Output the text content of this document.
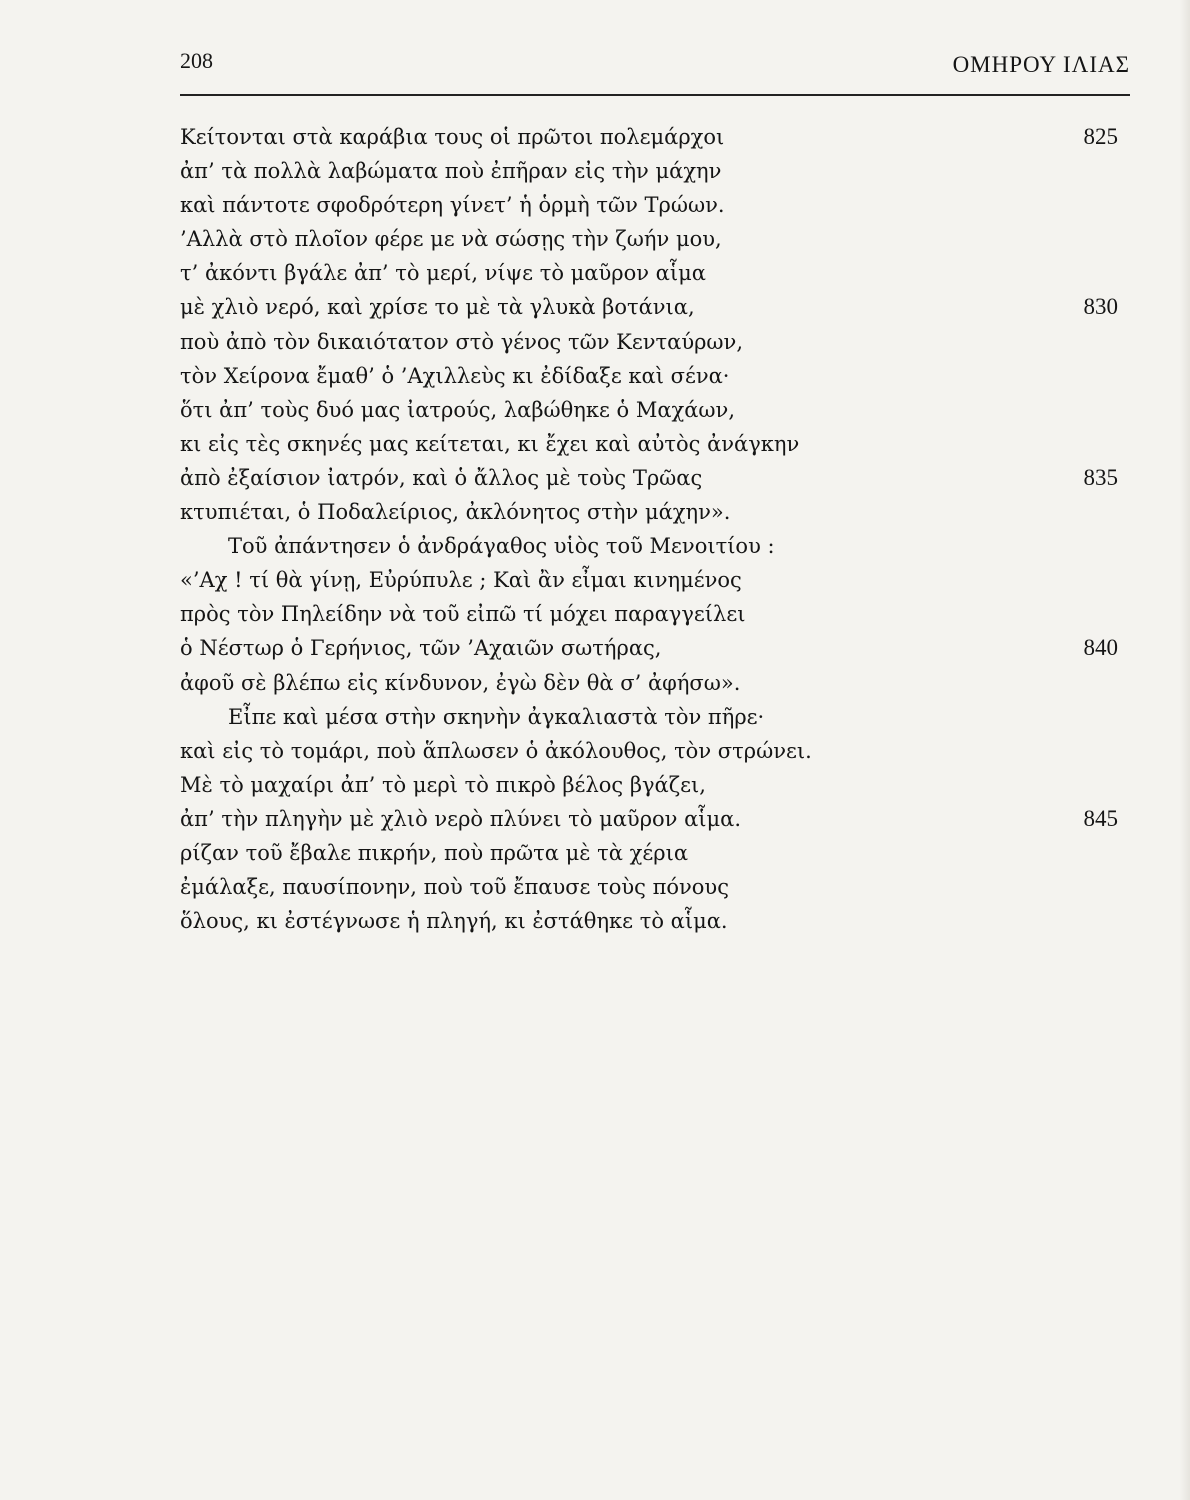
208	ΟΜΗΡΟΥ ΙΛΙΑΣ
Κείτονται στὰ καράβια τους οἱ πρῶτοι πολεμάρχοι	825
ἀπ’ τὰ πολλὰ λαβώματα ποὺ ἐπῆραν εἰς τὴν μάχην
καὶ πάντοτε σφοδρότερη γίνετ’ ἡ ὁρμὴ τῶν Τρώων.
’Αλλὰ στὸ πλοῖον φέρε με νὰ σώσῃς τὴν ζωήν μου,
τ’ ἀκόντι βγάλε ἀπ’ τὸ μερί, νίψε τὸ μαῦρον αἷμα
μὲ χλιὸ νερό, καὶ χρίσε το μὲ τὰ γλυκὰ βοτάνια,	830
ποὺ ἀπὸ τὸν δικαιότατον στὸ γένος τῶν Κενταύρων,
τὸν Χείρονα ἔμαθ’ ὁ ’Αχιλλεὺς κι ἐδίδαξε καὶ σένα·
ὅτι ἀπ’ τοὺς δυό μας ἰατρούς, λαβώθηκε ὁ Μαχάων,
κι εἰς τὲς σκηνές μας κείτεται, κι ἔχει καὶ αὐτὸς ἀνάγκην
ἀπὸ ἐξαίσιον ἰατρόν, καὶ ὁ ἄλλος μὲ τοὺς Τρῶας	835
κτυπιέται, ὁ Ποδαλείριος, ἀκλόνητος στὴν μάχην».
Τοῦ ἀπάντησεν ὁ ἀνδράγαθος υἱὸς τοῦ Μενοιτίου :
«’Αχ ! τί θὰ γίνῃ, Εὐρύπυλε ; Καὶ ἂν εἶμαι κινημένος
πρὸς τὸν Πηλείδην νὰ τοῦ εἰπῶ τί μόχει παραγγείλει
ὁ Νέστωρ ὁ Γερήνιος, τῶν ’Αχαιῶν σωτήρας,	840
ἀφοῦ σὲ βλέπω εἰς κίνδυνον, ἐγὼ δὲν θὰ σ’ ἀφήσω».
Εἶπε καὶ μέσα στὴν σκηνὴν ἀγκαλιαστὰ τὸν πῆρε·
καὶ εἰς τὸ τομάρι, ποὺ ἅπλωσεν ὁ ἀκόλουθος, τὸν στρώνει.
Μὲ τὸ μαχαίρι ἀπ’ τὸ μερὶ τὸ πικρὸ βέλος βγάζει,
ἀπ’ τὴν πληγὴν μὲ χλιὸ νερὸ πλύνει τὸ μαῦρον αἷμα.	845
ρίζαν τοῦ ἔβαλε πικρήν, ποὺ πρῶτα μὲ τὰ χέρια
ἐμάλαξε, παυσίπονην, ποὺ τοῦ ἔπαυσε τοὺς πόνους
ὅλους, κι ἐστέγνωσε ἡ πληγή, κι ἐστάθηκε τὸ αἷμα.
